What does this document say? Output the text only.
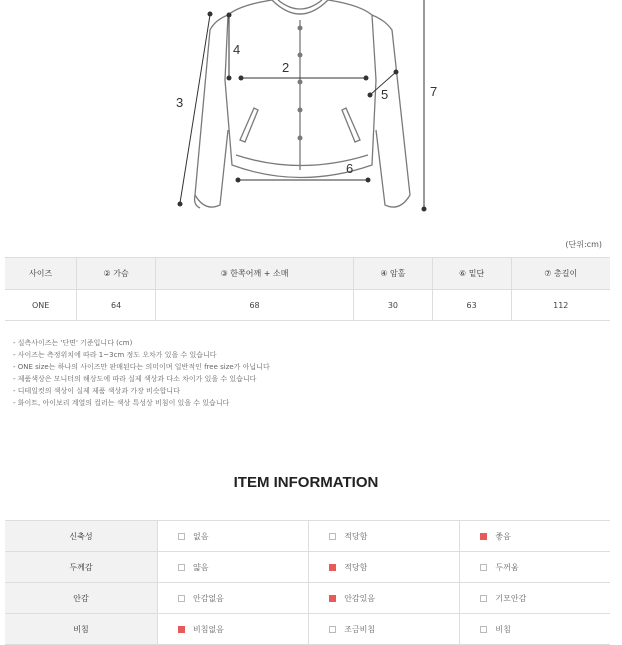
2
3
4
5
6
7
(단위:cm)
사이즈	② 가슴	③ 한쪽어깨 + 소매	④ 암홀	⑥ 밑단	⑦ 총길이
ONE	64	68	30	63	112
- 실측사이즈는 '단면' 기준입니다 (cm)
- 사이즈는 측정위치에 따라 1~3cm 정도 오차가 있을 수 있습니다
- ONE size는 하나의 사이즈만 판매된다는 의미이며 일반적인 free size가 아닙니다
- 제품색상은 모니터의 해상도에 따라 실제 색상과 다소 차이가 있을 수 있습니다
- 디테일컷의 색상이 실제 제품 색상과 가장 비슷합니다
- 화이트, 아이보리 계열의 컬러는 색상 특성상 비침이 있을 수 있습니다
ITEM INFORMATION
신축성	없음	적당함	좋음
두께감	얇음	적당함	두꺼움
안감	안감없음	안감있음	기모안감
비침	비침없음	조금비침	비침
